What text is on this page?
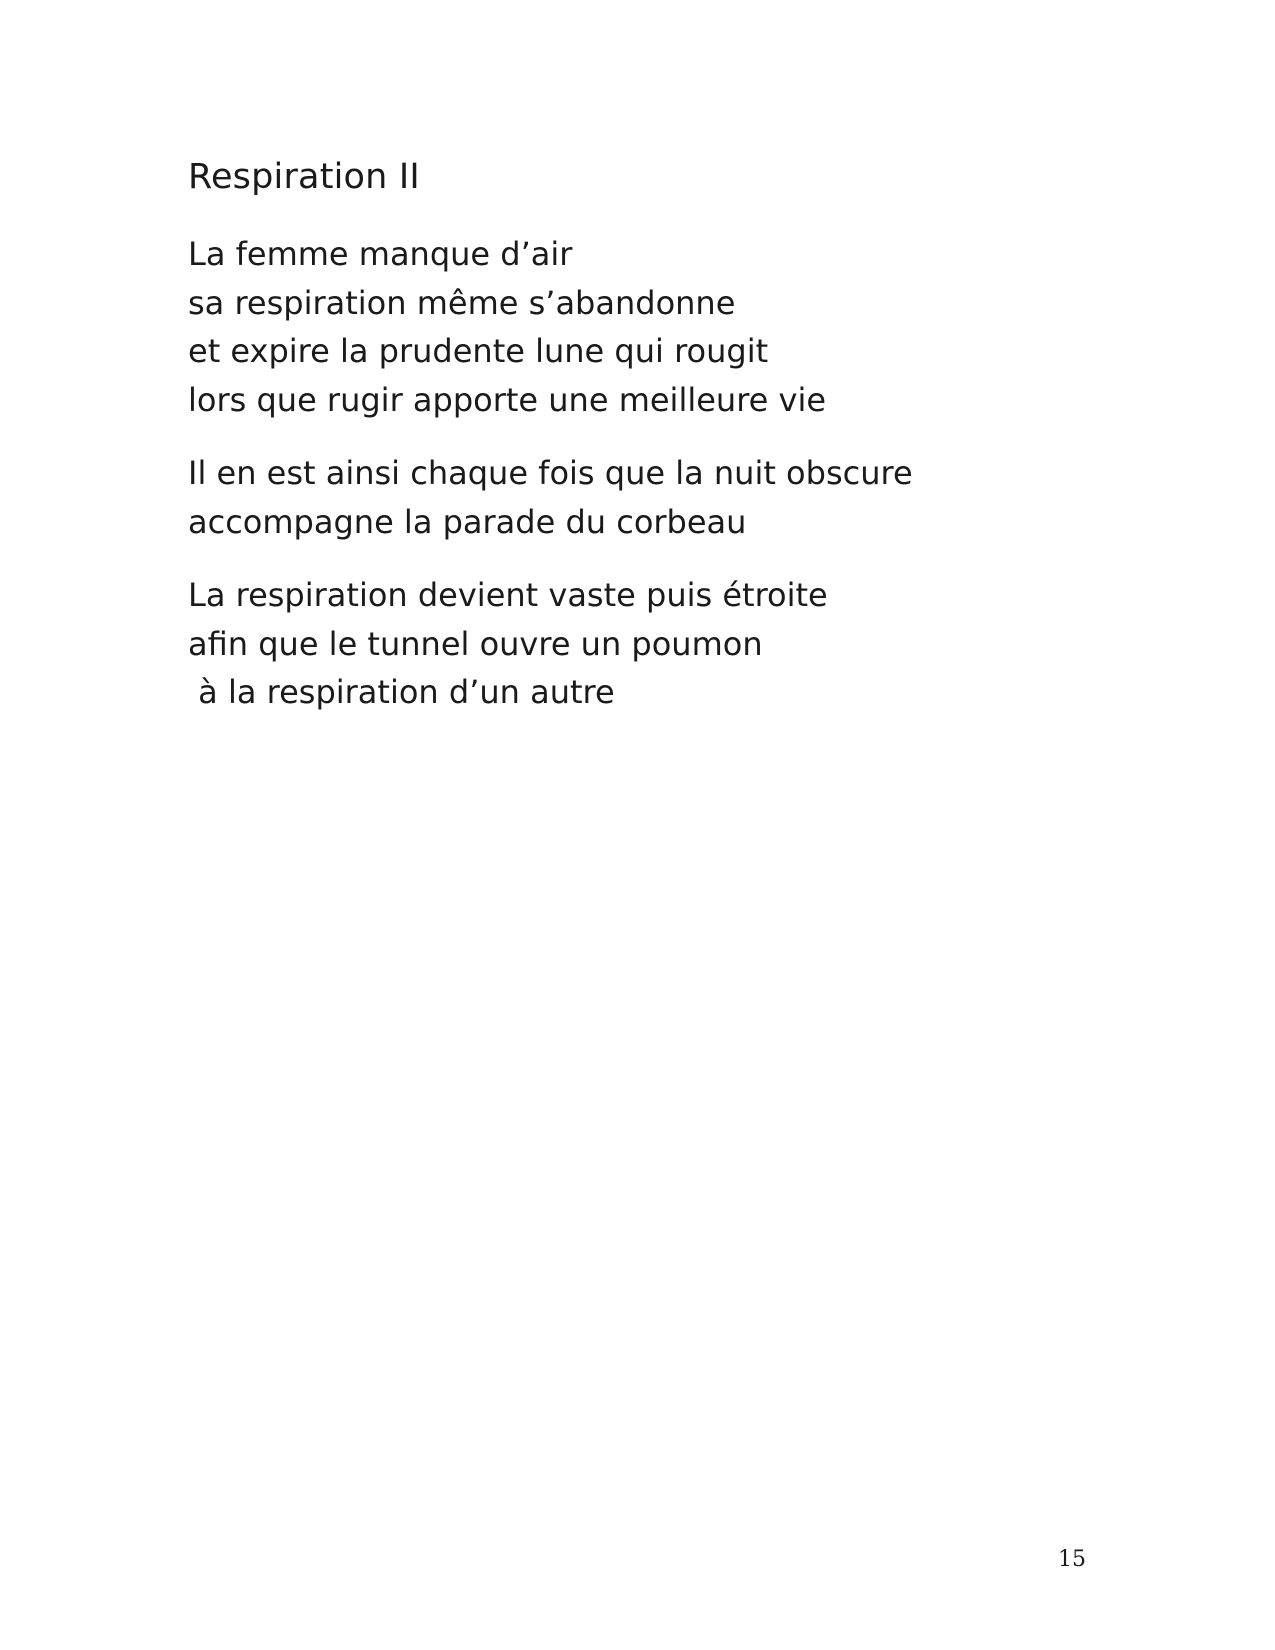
Respiration II
La femme manque d’air
sa respiration même s’abandonne
et expire la prudente lune qui rougit
lors que rugir apporte une meilleure vie
Il en est ainsi chaque fois que la nuit obscure
accompagne la parade du corbeau
La respiration devient vaste puis étroite
afin que le tunnel ouvre un poumon
à la respiration d’un autre
15
